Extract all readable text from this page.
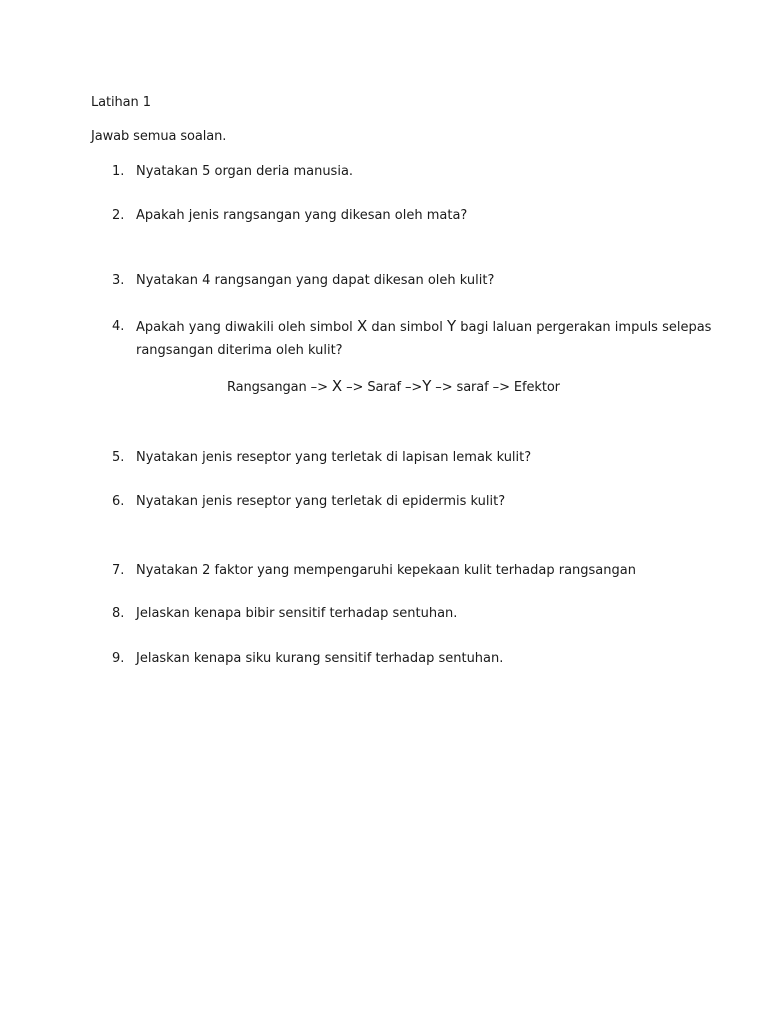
Latihan 1
Jawab semua soalan.
1. Nyatakan 5 organ deria manusia.
2. Apakah jenis rangsangan yang dikesan oleh mata?
3. Nyatakan 4 rangsangan yang dapat dikesan oleh kulit?
4. Apakah yang diwakili oleh simbol X dan simbol Y bagi laluan pergerakan impuls selepas
rangsangan diterima oleh kulit?
Rangsangan –> X –> Saraf –>Y –> saraf –> Efektor
5. Nyatakan jenis reseptor yang terletak di lapisan lemak kulit?
6. Nyatakan jenis reseptor yang terletak di epidermis kulit?
7. Nyatakan 2 faktor yang mempengaruhi kepekaan kulit terhadap rangsangan
8. Jelaskan kenapa bibir sensitif terhadap sentuhan.
9. Jelaskan kenapa siku kurang sensitif terhadap sentuhan.
